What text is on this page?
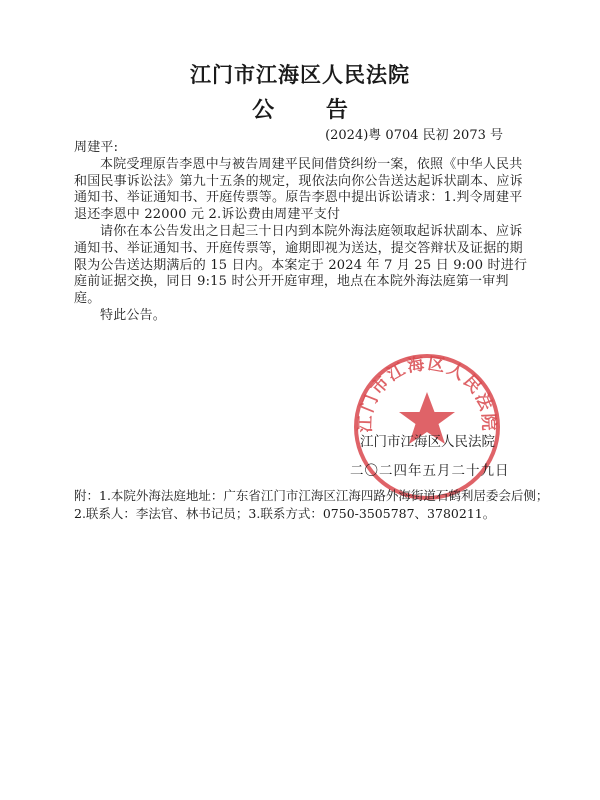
江门市江海区人民法院
公 告
(2024)粤 0704 民初 2073 号

周建平:

本院受理原告李恩中与被告周建平民间借贷纠纷一案，依照《中华人民共和国民事诉讼法》第九十五条的规定，现依法向你公告送达起诉状副本、应诉通知书、举证通知书、开庭传票等。原告李恩中提出诉讼请求：1.判令周建平退还李恩中 22000 元 2.诉讼费由周建平支付

请你在本公告发出之日起三十日内到本院外海法庭领取起诉状副本、应诉通知书、举证通知书、开庭传票等，逾期即视为送达，提交答辩状及证据的期限为公告送达期满后的 15 日内。本案定于 2024 年 7 月 25 日 9:00 时进行庭前证据交换，同日 9:15 时公开开庭审理，地点在本院外海法庭第一审判庭。

特此公告。

江门市江海区人民法院
江门市江海区人民法院
二〇二四年五月二十九日
附：1.本院外海法庭地址：广东省江门市江海区江海四路外海街道石鹤利居委会后侧；2.联系人：李法官、林书记员；3.联系方式：0750-3505787、3780211。
